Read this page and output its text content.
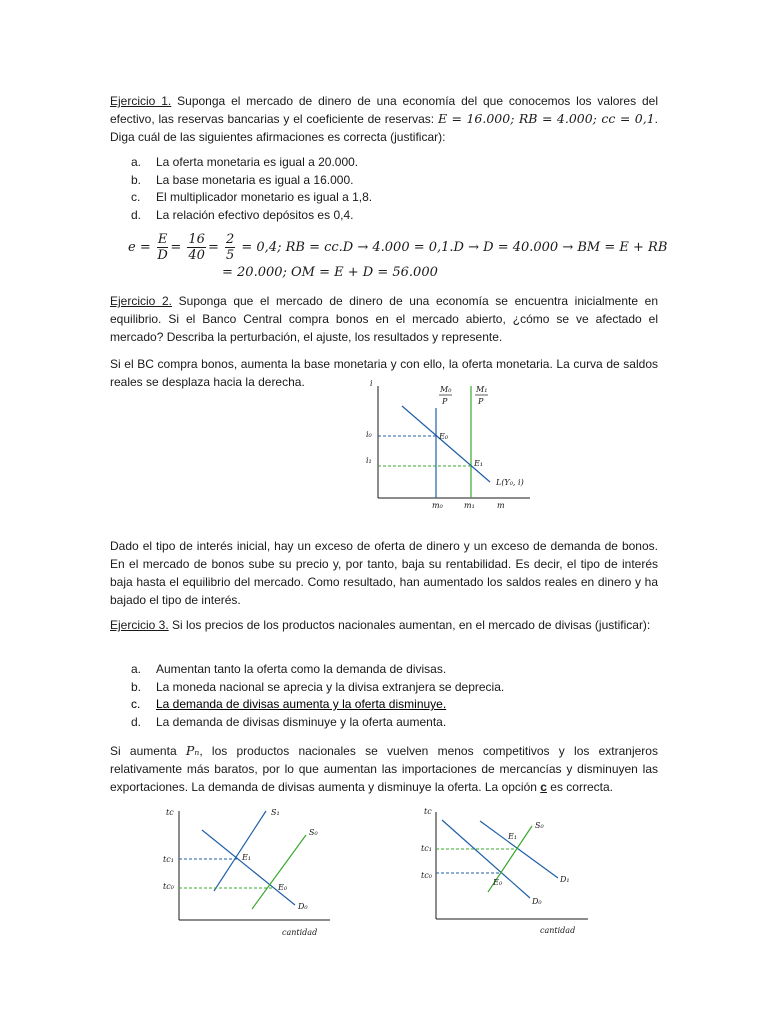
Ejercicio 1. Suponga el mercado de dinero de una economía del que conocemos los valores del efectivo, las reservas bancarias y el coeficiente de reservas: E = 16.000; RB = 4.000; cc = 0,1. Diga cuál de las siguientes afirmaciones es correcta (justificar):
a. La oferta monetaria es igual a 20.000.
b. La base monetaria es igual a 16.000.
c. El multiplicador monetario es igual a 1,8.
d. La relación efectivo depósitos es 0,4.
$e = \frac{E}{D} = \frac{16}{40} = \frac{2}{5} = 0,4$; RB = cc.D → 4.000 = 0,1.D → D = 40.000 → BM = E + RB
= 20.000; OM = E + D = 56.000
Ejercicio 2. Suponga que el mercado de dinero de una economía se encuentra inicialmente en equilibrio. Si el Banco Central compra bonos en el mercado abierto, ¿cómo se ve afectado el mercado? Describa la perturbación, el ajuste, los resultados y represente.
Si el BC compra bonos, aumenta la base monetaria y con ello, la oferta monetaria. La curva de saldos reales se desplaza hacia la derecha.	i
m
M₀
P
M₁
P
i₀
i₁
E₀
E₁
m₀	m₁
L(Y₀, i)
Dado el tipo de interés inicial, hay un exceso de oferta de dinero y un exceso de demanda de bonos. En el mercado de bonos sube su precio y, por tanto, baja su rentabilidad. Es decir, el tipo de interés baja hasta el equilibrio del mercado. Como resultado, han aumentado los saldos reales en dinero y ha bajado el tipo de interés.
Ejercicio 3. Si los precios de los productos nacionales aumentan, en el mercado de divisas (justificar):
a. Aumentan tanto la oferta como la demanda de divisas.
b. La moneda nacional se aprecia y la divisa extranjera se deprecia.
c. La demanda de divisas aumenta y la oferta disminuye.
d. La demanda de divisas disminuye y la oferta aumenta.
Si aumenta Pₙ, los productos nacionales se vuelven menos competitivos y los extranjeros relativamente más baratos, por lo que aumentan las importaciones de mercancías y disminuyen las exportaciones. La demanda de divisas aumenta y disminuye la oferta. La opción c es correcta.
tc
cantidad
S₁
S₀
tc₁
tc₀
E₁
E₀
D₀
tc
cantidad
S₀
E₁
tc₁
tc₀
E₀	D₁
D₀
